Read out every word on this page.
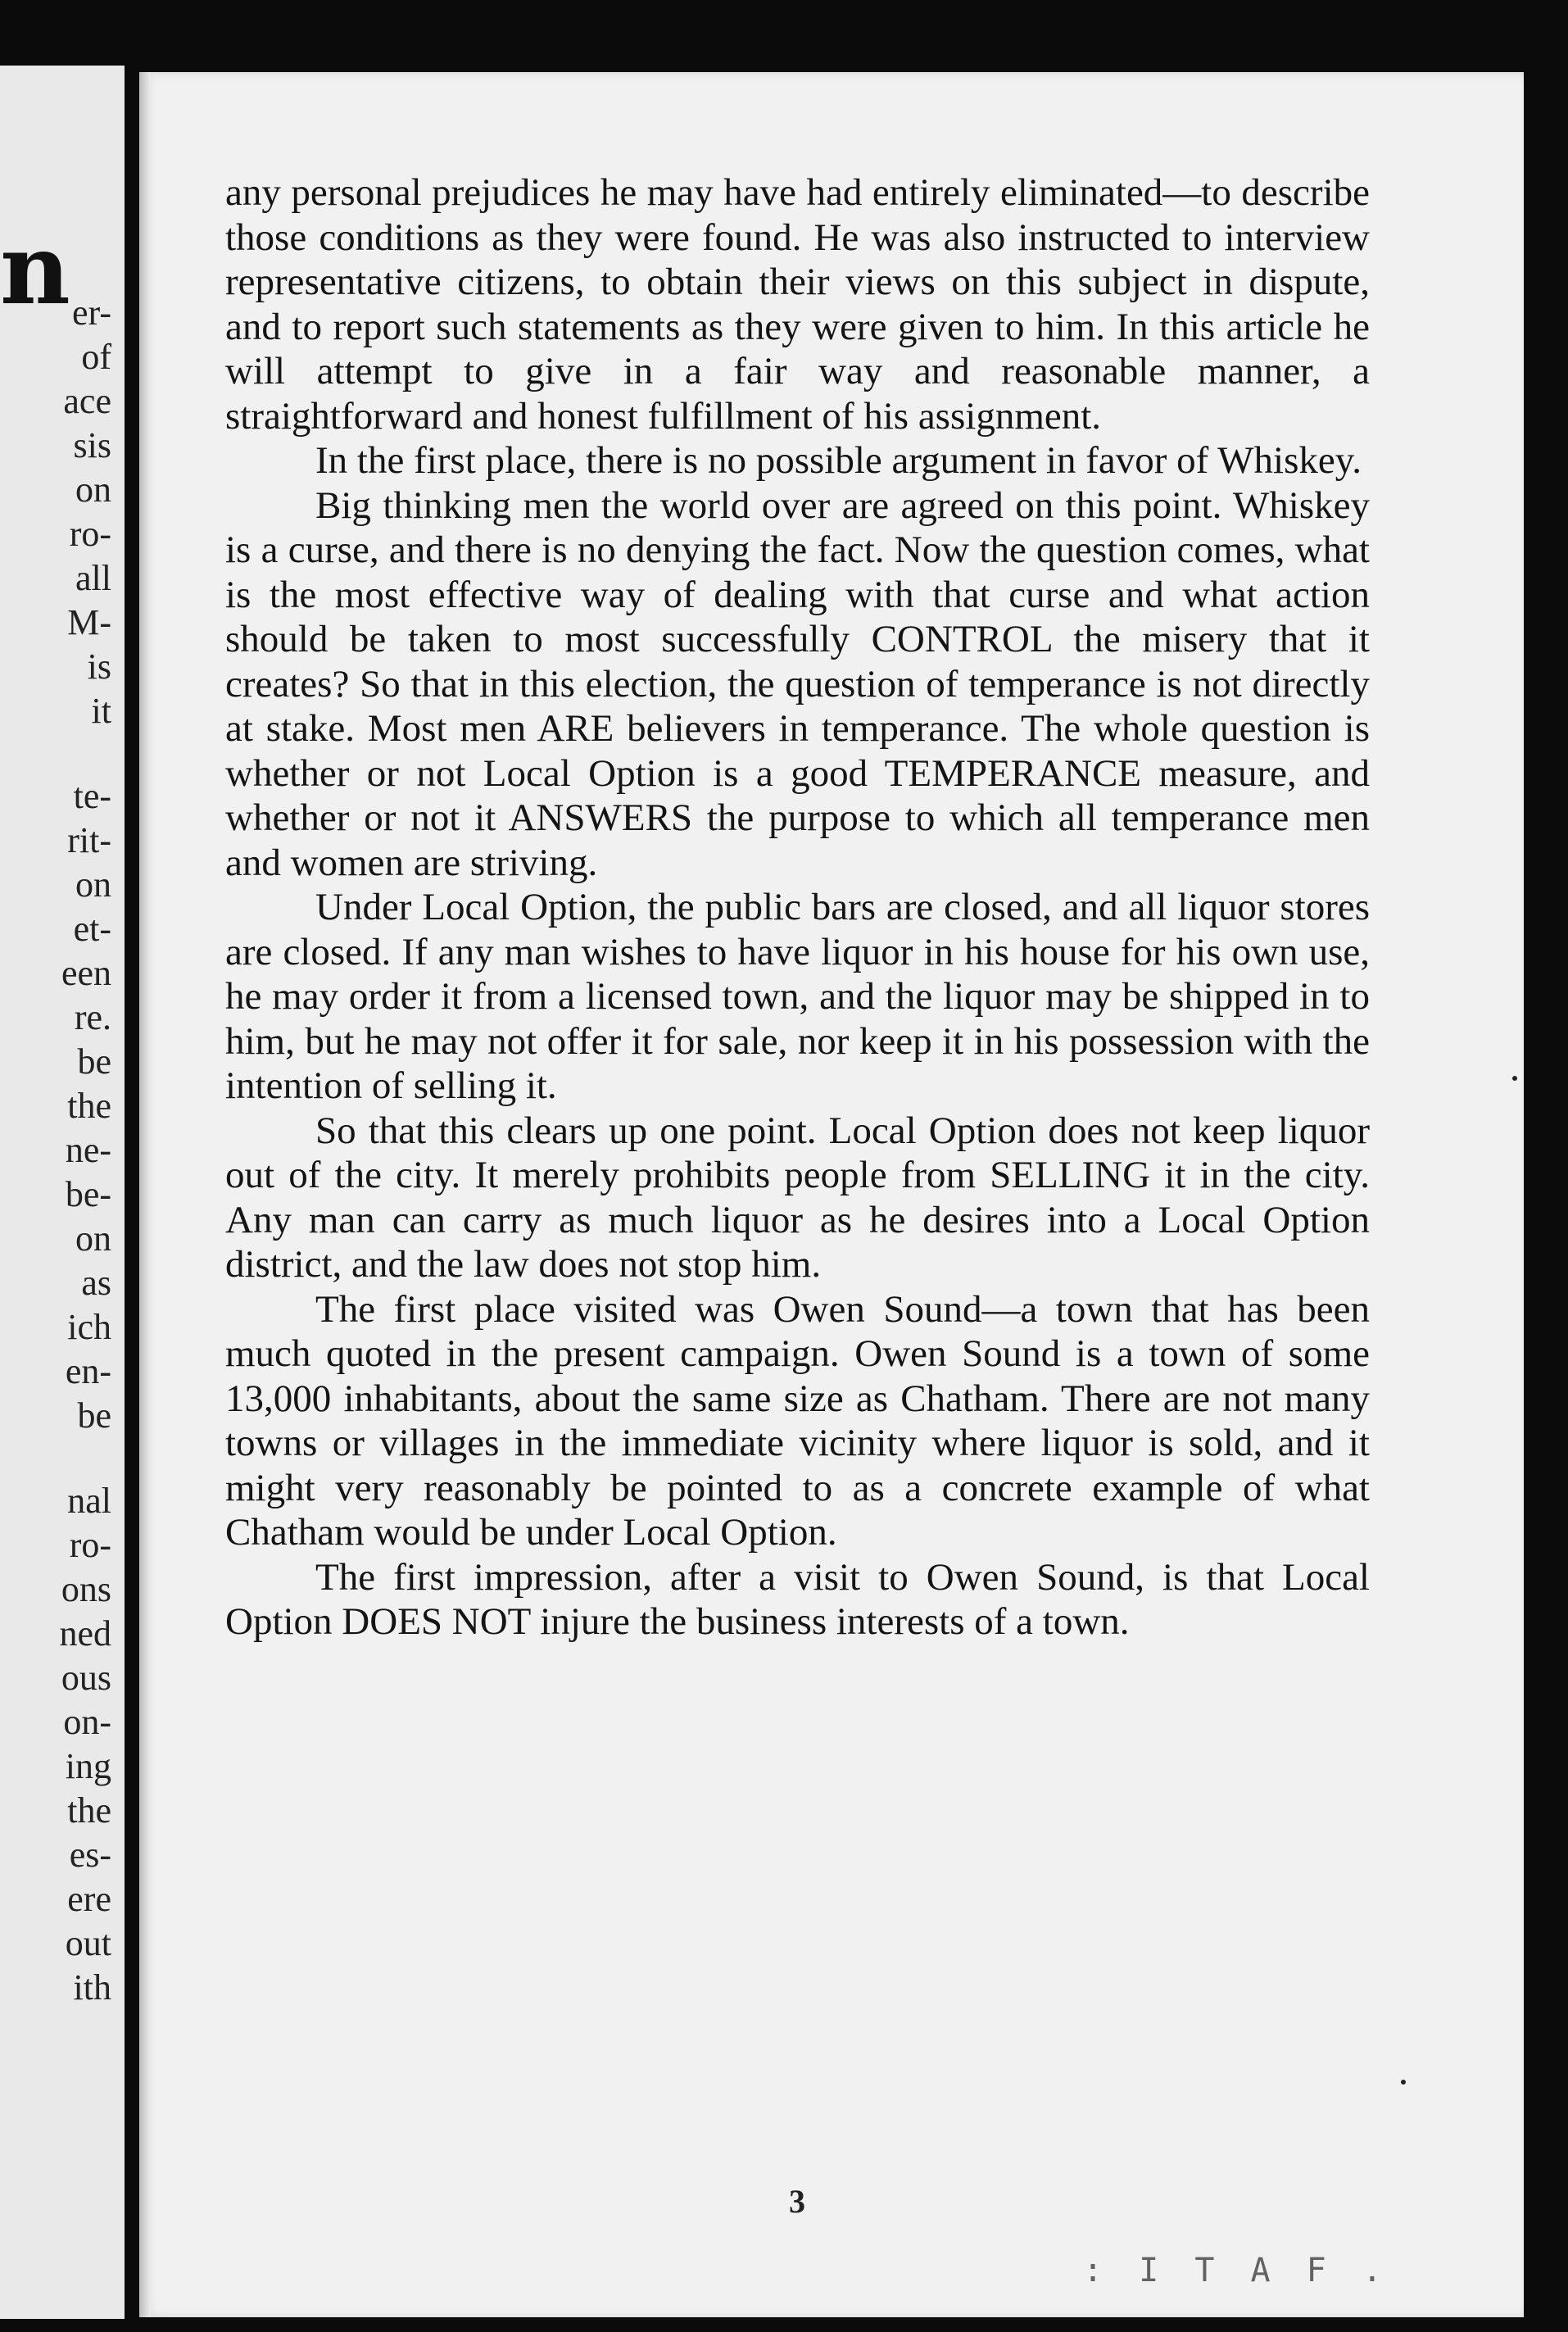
n er-
of
ace
sis
on
ro-
all
M-
is
it
te-
rit-
on
et-
een
re.
be
the
ne-
be-
on
as
ich
en-
be
nal
ro-
ons
ned
ous
on-
ing
the
es-
ere
out
ith

any personal prejudices he may have had entirely eliminated—to describe those conditions as they were found. He was also instructed to interview representative citizens, to obtain their views on this subject in dispute, and to report such statements as they were given to him. In this article he will attempt to give in a fair way and reasonable manner, a straightforward and honest fulfillment of his assignment.

In the first place, there is no possible argument in favor of Whiskey.

Big thinking men the world over are agreed on this point. Whiskey is a curse, and there is no denying the fact. Now the question comes, what is the most effective way of dealing with that curse and what action should be taken to most successfully CONTROL the misery that it creates? So that in this election, the question of temperance is not directly at stake. Most men ARE believers in temperance. The whole question is whether or not Local Option is a good TEMPERANCE measure, and whether or not it ANSWERS the purpose to which all temperance men and women are striving.

Under Local Option, the public bars are closed, and all liquor stores are closed. If any man wishes to have liquor in his house for his own use, he may order it from a licensed town, and the liquor may be shipped in to him, but he may not offer it for sale, nor keep it in his possession with the intention of selling it.

So that this clears up one point. Local Option does not keep liquor out of the city. It merely prohibits people from SELLING it in the city. Any man can carry as much liquor as he desires into a Local Option district, and the law does not stop him.

The first place visited was Owen Sound—a town that has been much quoted in the present campaign. Owen Sound is a town of some 13,000 inhabitants, about the same size as Chatham. There are not many towns or villages in the immediate vicinity where liquor is sold, and it might very reasonably be pointed to as a concrete example of what Chatham would be under Local Option.

The first impression, after a visit to Owen Sound, is that Local Option DOES NOT injure the business interests of a town.

3
: I T A F .
